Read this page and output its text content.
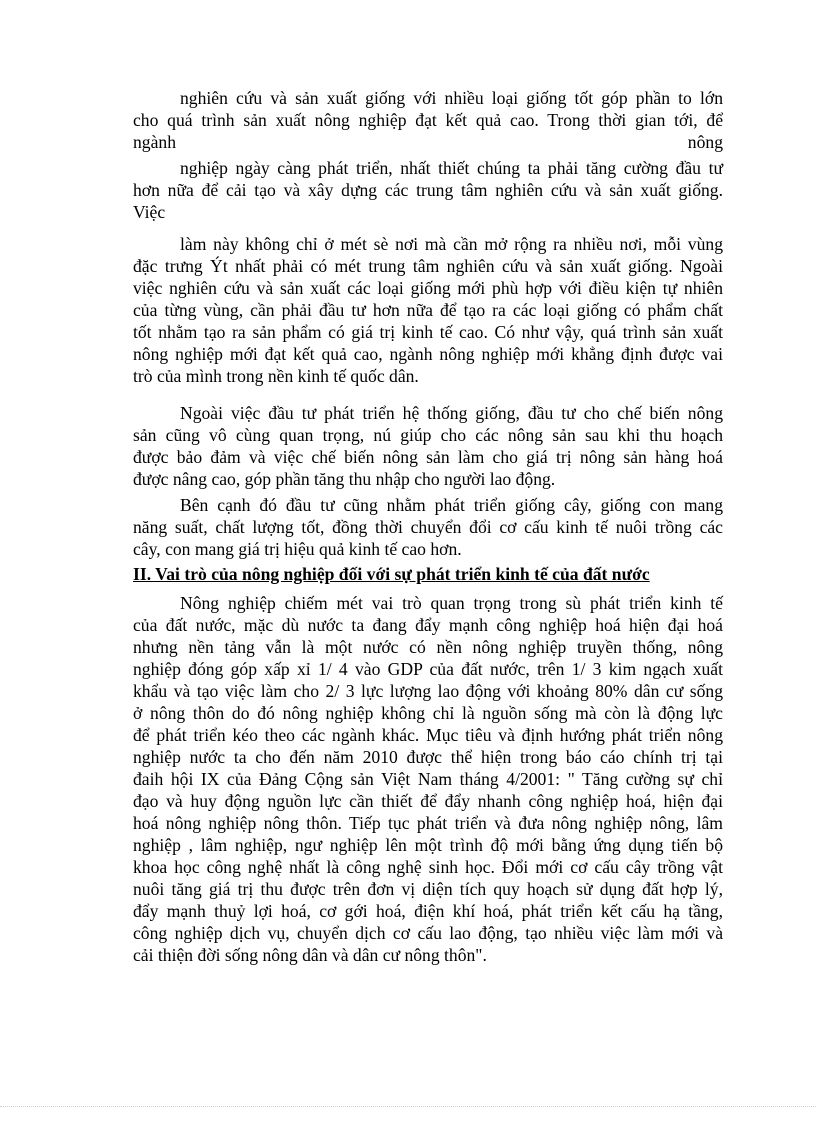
nghiên cứu và sản xuất giống với nhiều loại giống tốt góp phần to lớn
cho quá trình sản xuất nông nghiệp đạt kết quả cao. Trong thời gian tới, để
ngành nông
nghiệp ngày càng phát triển, nhất thiết chúng ta phải tăng cường đầu tư
hơn nữa để cải tạo và xây dựng các trung tâm nghiên cứu và sản xuất giống.
Việc
làm này không chỉ ở mét sè nơi mà cần mở rộng ra nhiều nơi, mỗi vùng
đặc trưng Ýt nhất phải có mét trung tâm nghiên cứu và sản xuất giống. Ngoài
việc nghiên cứu và sản xuất các loại giống mới phù hợp với điều kiện tự nhiên
của từng vùng, cần phải đầu tư hơn nữa để tạo ra các loại giống có phẩm chất
tốt nhằm tạo ra sản phẩm có giá trị kinh tế cao. Có như vậy, quá trình sản xuất
nông nghiệp mới đạt kết quả cao, ngành nông nghiệp mới khẳng định được vai
trò của mình trong nền kinh tế quốc dân.
Ngoài việc đầu tư phát triển hệ thống giống, đầu tư cho chế biến nông
sản cũng vô cùng quan trọng, nú giúp cho các nông sản sau khi thu hoạch
được bảo đảm và việc chế biến nông sản làm cho giá trị nông sản hàng hoá
được nâng cao, góp phần tăng thu nhập cho người lao động.
Bên cạnh đó đầu tư cũng nhằm phát triển giống cây, giống con mang
năng suất, chất lượng tốt, đồng thời chuyển đổi cơ cấu kinh tế nuôi trồng các
cây, con mang giá trị hiệu quả kinh tế cao hơn.
II. Vai trò của nông nghiệp đối với sự phát triển kinh tế của đất nước
Nông nghiệp chiếm mét vai trò quan trọng trong sù phát triển kinh tế
của đất nước, mặc dù nước ta đang đẩy mạnh công nghiệp hoá hiện đại hoá
nhưng nền tảng vẫn là một nước có nền nông nghiệp truyền thống, nông
nghiệp đóng góp xấp xỉ 1/ 4 vào GDP của đất nước, trên 1/ 3 kim ngạch xuất
khẩu và tạo việc làm cho 2/ 3 lực lượng lao động với khoảng 80% dân cư sống
ở nông thôn do đó nông nghiệp không chỉ là nguồn sống mà còn là động lực
để phát triển kéo theo các ngành khác. Mục tiêu và định hướng phát triển nông
nghiệp nước ta cho đến năm 2010 được thể hiện trong báo cáo chính trị tại
đaih hội IX của Đảng Cộng sản Việt Nam tháng 4/2001: " Tăng cường sự chỉ
đạo và huy động nguồn lực cần thiết để đẩy nhanh công nghiệp hoá, hiện đại
hoá nông nghiệp nông thôn. Tiếp tục phát triển và đưa nông nghiệp nông, lâm
nghiệp , lâm nghiệp, ngư nghiệp lên một trình độ mới bằng ứng dụng tiến bộ
khoa học công nghệ nhất là công nghệ sinh học. Đổi mới cơ cấu cây trồng vật
nuôi tăng giá trị thu được trên đơn vị diện tích quy hoạch sử dụng đất hợp lý,
đẩy mạnh thuỷ lợi hoá, cơ gới hoá, điện khí hoá, phát triển kết cấu hạ tầng,
công nghiệp dịch vụ, chuyển dịch cơ cấu lao động, tạo nhiều việc làm mới và
cải thiện đời sống nông dân và dân cư nông thôn".
